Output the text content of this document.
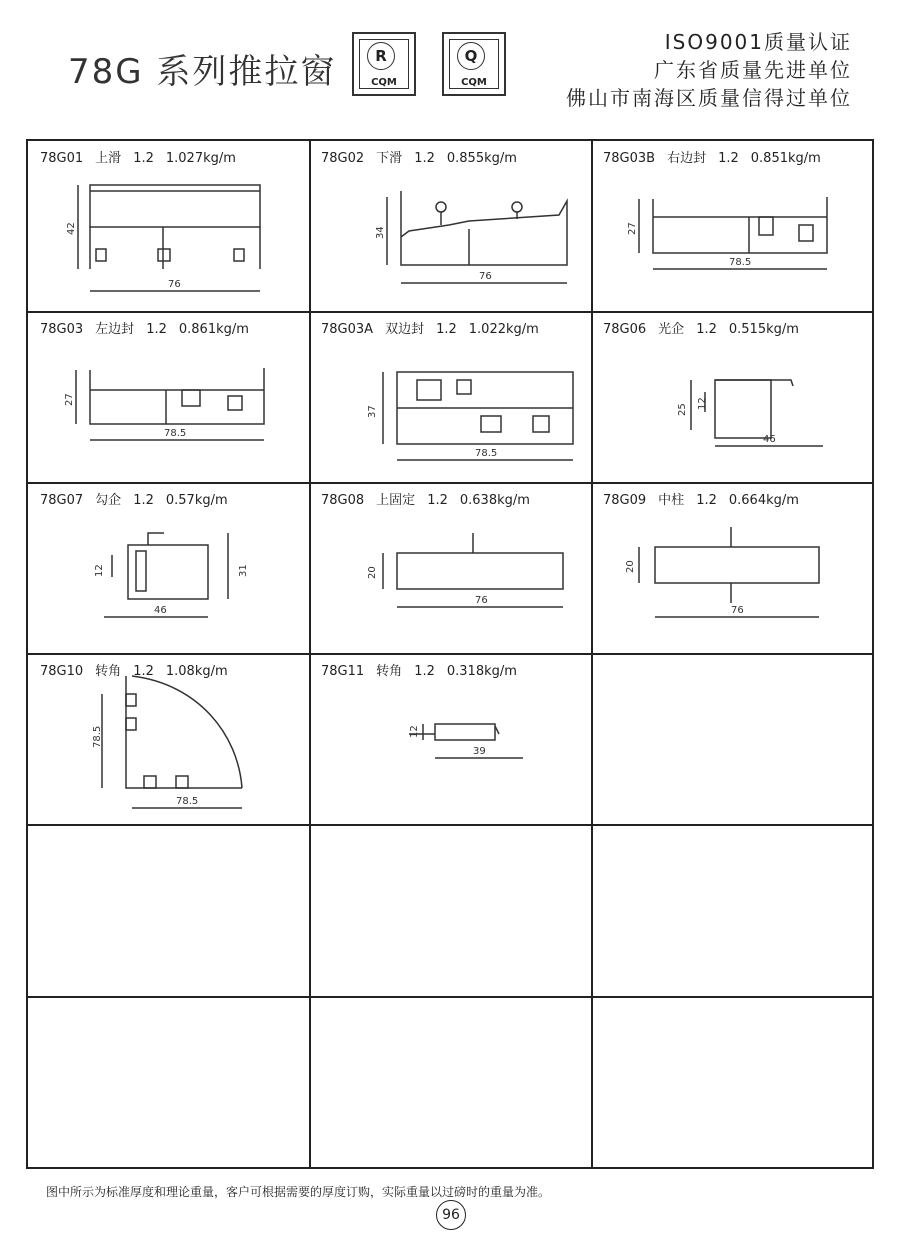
78G 系列推拉窗	R
CQM
Q
CQM
ISO9001质量认证
广东省质量先进单位
佛山市南海区质量信得过单位
78G01 上滑 1.2 1.027kg/m
42
76
78G02 下滑 1.2 0.855kg/m
34
76
78G03B 右边封 1.2 0.851kg/m
27
78.5
78G03 左边封 1.2 0.861kg/m
27
78.5
78G03A 双边封 1.2 1.022kg/m
37
78.5
78G06 光企 1.2 0.515kg/m
25 12
46
78G07 勾企 1.2 0.57kg/m
12	31
46
78G08 上固定 1.2 0.638kg/m
20
76
78G09 中柱 1.2 0.664kg/m
20
76
78G10 转角 1.2 1.08kg/m
78.5
78.5
78G11 转角 1.2 0.318kg/m
12
39
图中所示为标准厚度和理论重量，客户可根据需要的厚度订购，实际重量以过磅时的重量为准。
96
